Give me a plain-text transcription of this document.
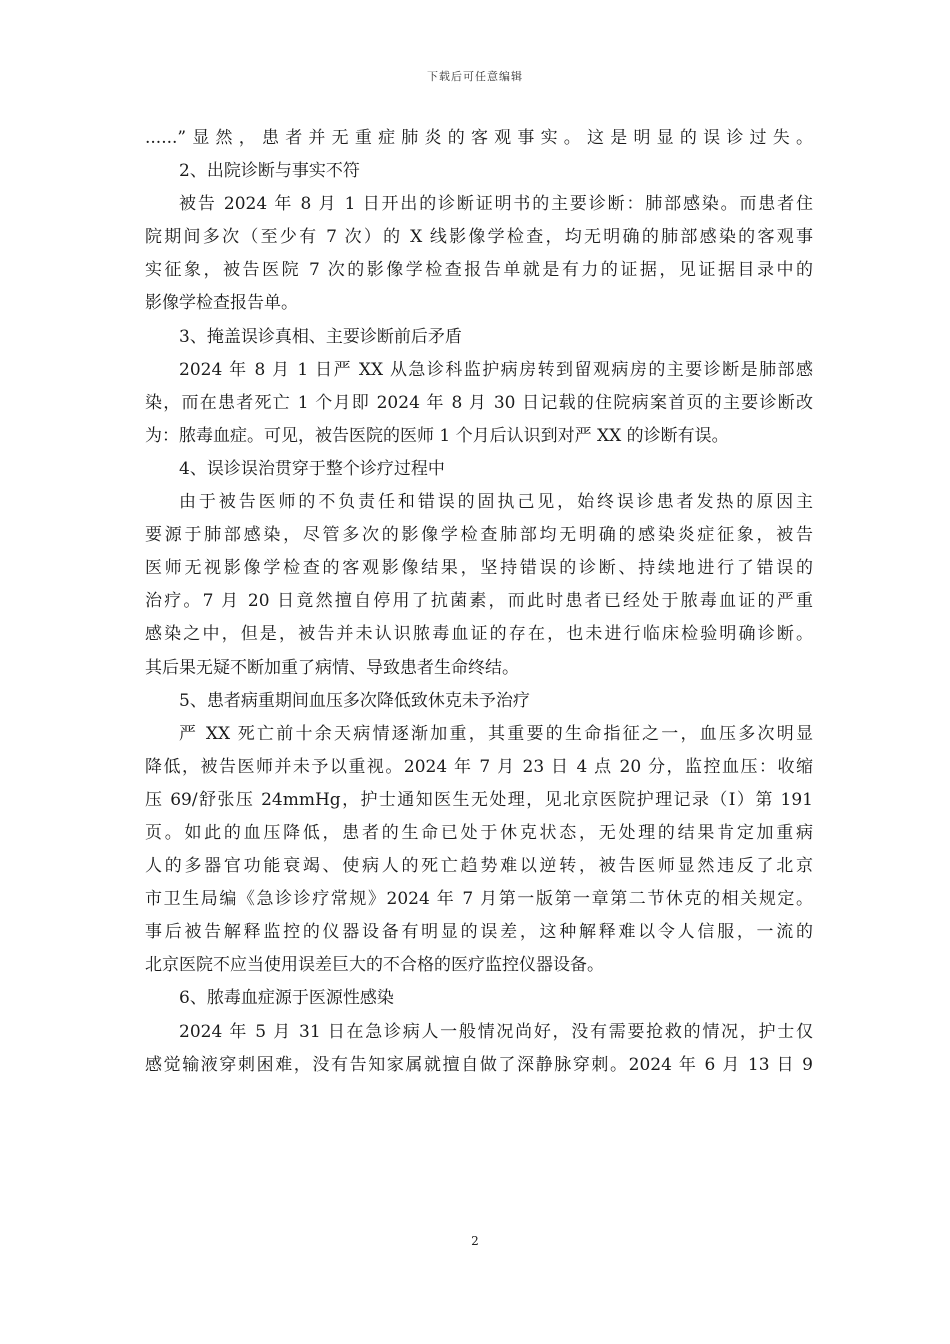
下载后可任意编辑
......”显然，患者并无重症肺炎的客观事实。这是明显的误诊过失。
2、出院诊断与事实不符
被告 2024 年 8 月 1 日开出的诊断证明书的主要诊断：肺部感染。而患者住
院期间多次（至少有 7 次）的 X 线影像学检查，均无明确的肺部感染的客观事
实征象，被告医院 7 次的影像学检查报告单就是有力的证据，见证据目录中的
影像学检查报告单。
3、掩盖误诊真相、主要诊断前后矛盾
2024 年 8 月 1 日严 XX 从急诊科监护病房转到留观病房的主要诊断是肺部感
染，而在患者死亡 1 个月即 2024 年 8 月 30 日记载的住院病案首页的主要诊断改
为：脓毒血症。可见，被告医院的医师 1 个月后认识到对严 XX 的诊断有误。
4、误诊误治贯穿于整个诊疗过程中
由于被告医师的不负责任和错误的固执己见，始终误诊患者发热的原因主
要源于肺部感染，尽管多次的影像学检查肺部均无明确的感染炎症征象，被告
医师无视影像学检查的客观影像结果，坚持错误的诊断、持续地进行了错误的
治疗。7 月 20 日竟然擅自停用了抗菌素，而此时患者已经处于脓毒血证的严重
感染之中，但是，被告并未认识脓毒血证的存在，也未进行临床检验明确诊断。
其后果无疑不断加重了病情、导致患者生命终结。
5、患者病重期间血压多次降低致休克未予治疗
严 XX 死亡前十余天病情逐渐加重，其重要的生命指征之一，血压多次明显
降低，被告医师并未予以重视。2024 年 7 月 23 日 4 点 20 分，监控血压：收缩
压 69/舒张压 24mmHg，护士通知医生无处理，见北京医院护理记录（Ⅰ）第 191
页。如此的血压降低，患者的生命已处于休克状态，无处理的结果肯定加重病
人的多器官功能衰竭、使病人的死亡趋势难以逆转，被告医师显然违反了北京
市卫生局编《急诊诊疗常规》2024 年 7 月第一版第一章第二节休克的相关规定。
事后被告解释监控的仪器设备有明显的误差，这种解释难以令人信服，一流的
北京医院不应当使用误差巨大的不合格的医疗监控仪器设备。
6、脓毒血症源于医源性感染
2024 年 5 月 31 日在急诊病人一般情况尚好，没有需要抢救的情况，护士仅
感觉输液穿刺困难，没有告知家属就擅自做了深静脉穿刺。2024 年 6 月 13 日 9
2
